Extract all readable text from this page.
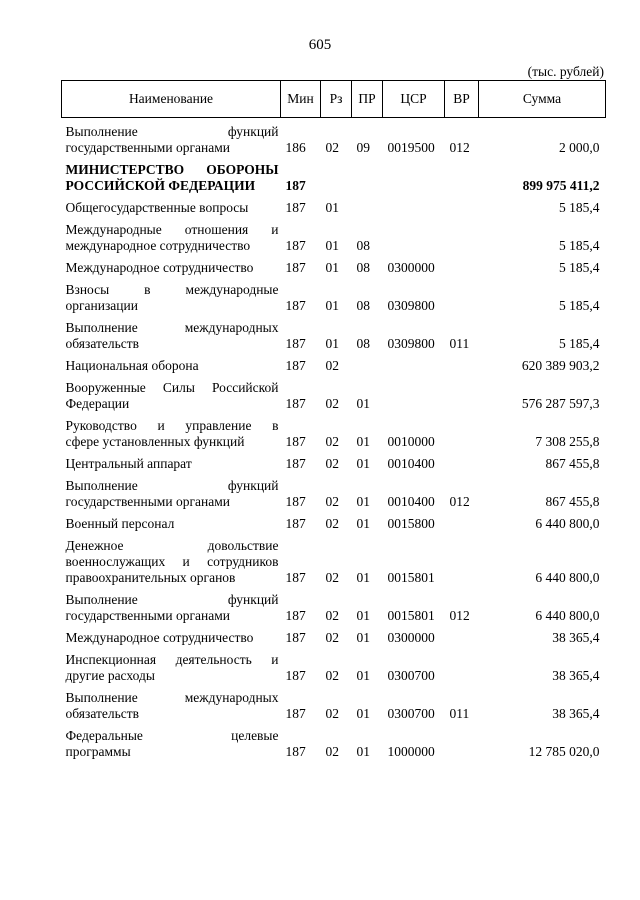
605
(тыс. рублей)
Наименование	Мин	Рз	ПР	ЦСР	ВР	Сумма

Выполнение функций
государственными органами	186	02	09	0019500	012	2 000,0

МИНИСТЕРСТВО ОБОРОНЫ
РОССИЙСКОЙ ФЕДЕРАЦИИ	187					899 975 411,2

Общегосударственные вопросы	187	01				5 185,4

Международные отношения и
международное сотрудничество	187	01	08			5 185,4

Международное сотрудничество	187	01	08	0300000		5 185,4

Взносы в международные
организации	187	01	08	0309800		5 185,4

Выполнение международных
обязательств	187	01	08	0309800	011	5 185,4

Национальная оборона	187	02				620 389 903,2

Вооруженные Силы Российской
Федерации	187	02	01			576 287 597,3

Руководство и управление в
сфере установленных функций	187	02	01	0010000		7 308 255,8

Центральный аппарат	187	02	01	0010400		867 455,8

Выполнение функций
государственными органами	187	02	01	0010400	012	867 455,8

Военный персонал	187	02	01	0015800		6 440 800,0

Денежное довольствие
военнослужащих и сотрудников
правоохранительных органов	187	02	01	0015801		6 440 800,0

Выполнение функций
государственными органами	187	02	01	0015801	012	6 440 800,0

Международное сотрудничество	187	02	01	0300000		38 365,4

Инспекционная деятельность и
другие расходы	187	02	01	0300700		38 365,4

Выполнение международных
обязательств	187	02	01	0300700	011	38 365,4

Федеральные целевые
программы	187	02	01	1000000		12 785 020,0
